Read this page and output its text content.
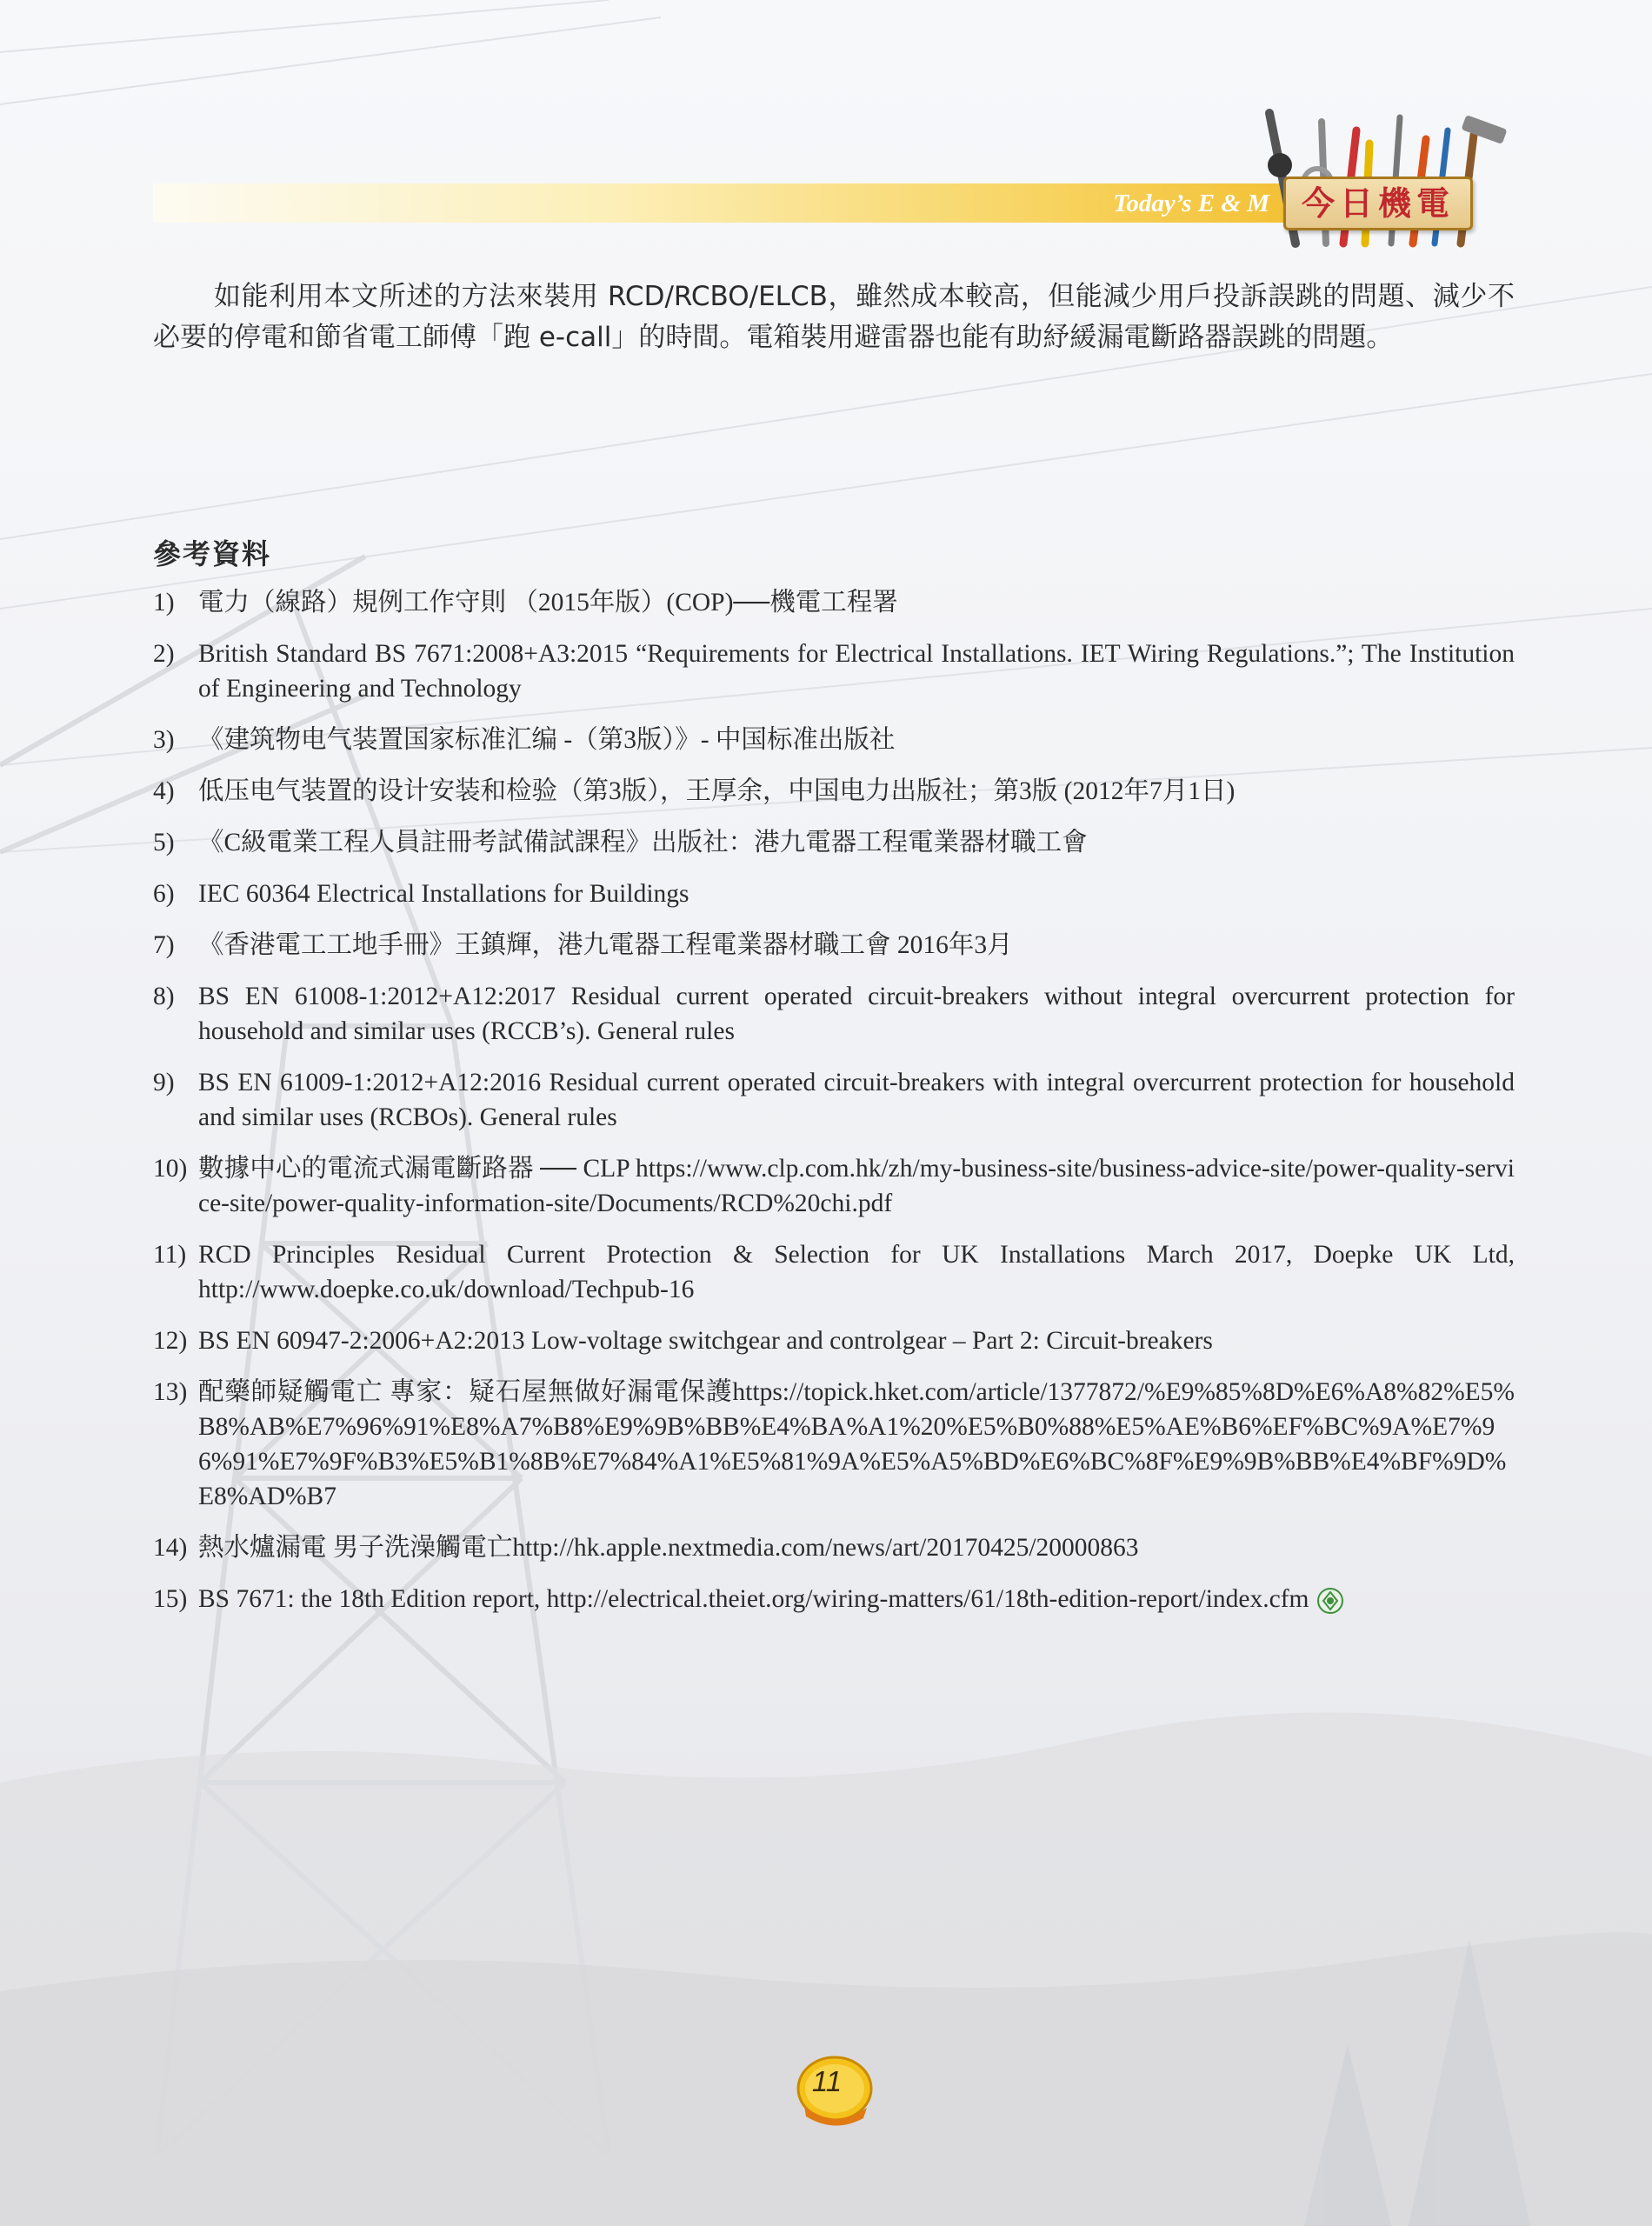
Today’s E & M 今日機電

如能利用本文所述的方法來裝用 RCD/RCBO/ELCB，雖然成本較高，但能減少用戶投訴誤跳的問題、減少不必要的停電和節省電工師傅「跑 e-call」的時間。電箱裝用避雷器也能有助紓緩漏電斷路器誤跳的問題。

參考資料
1) 電力（線路）規例工作守則 （2015年版）(COP)──機電工程署
2) British Standard BS 7671:2008+A3:2015 “Requirements for Electrical Installations. IET Wiring Regulations.”; The Institution of Engineering and Technology
3) 《建筑物电气装置国家标准汇编 -（第3版）》- 中国标准出版社
4) 低压电气装置的设计安装和检验（第3版），王厚余，中国电力出版社；第3版 (2012年7月1日)
5) 《C級電業工程人員註冊考試備試課程》出版社：港九電器工程電業器材職工會
6) IEC 60364 Electrical Installations for Buildings
7) 《香港電工工地手冊》王鎮輝，港九電器工程電業器材職工會 2016年3月
8) BS EN 61008-1:2012+A12:2017 Residual current operated circuit-breakers without integral overcurrent protection for household and similar uses (RCCB’s). General rules
9) BS EN 61009-1:2012+A12:2016 Residual current operated circuit-breakers with integral overcurrent protection for household and similar uses (RCBOs). General rules
10) 數據中心的電流式漏電斷路器 ── CLP https://www.clp.com.hk/zh/my-business-site/business-advice-site/power-quality-service-site/power-quality-information-site/Documents/RCD%20chi.pdf
11) RCD Principles Residual Current Protection & Selection for UK Installations March 2017, Doepke UK Ltd, http://www.doepke.co.uk/download/Techpub-16
12) BS EN 60947-2:2006+A2:2013 Low-voltage switchgear and controlgear – Part 2: Circuit-breakers
13) 配藥師疑觸電亡 專家：疑石屋無做好漏電保護https://topick.hket.com/article/1377872/%E9%85%8D%E6%A8%82%E5%B8%AB%E7%96%91%E8%A7%B8%E9%9B%BB%E4%BA%A1%20%E5%B0%88%E5%AE%B6%EF%BC%9A%E7%96%91%E7%9F%B3%E5%B1%8B%E7%84%A1%E5%81%9A%E5%A5%BD%E6%BC%8F%E9%9B%BB%E4%BF%9D%E8%AD%B7
14) 熱水爐漏電 男子洗澡觸電亡http://hk.apple.nextmedia.com/news/art/20170425/20000863
15) BS 7671: the 18th Edition report, http://electrical.theiet.org/wiring-matters/61/18th-edition-report/index.cfm
11
